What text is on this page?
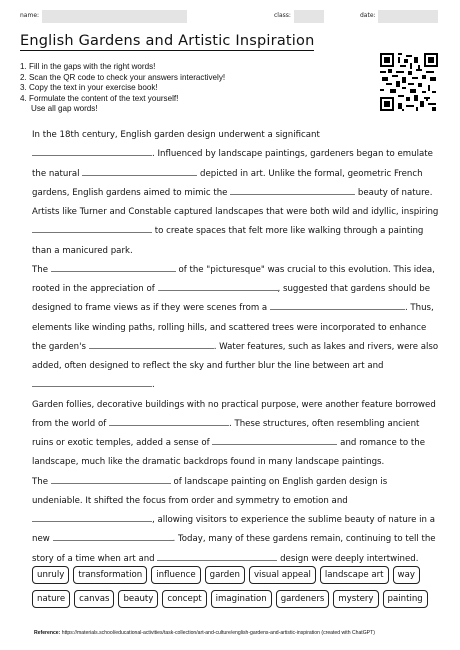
name:	class:	date:
English Gardens and Artistic Inspiration
1. Fill in the gaps with the right words!
2. Scan the QR code to check your answers interactively!
3. Copy the text in your exercise book!
4. Formulate the content of the text yourself!
Use all gap words!
In the 18th century, English garden design underwent a significant
. Influenced by landscape paintings, gardeners began to emulate
the natural	depicted in art. Unlike the formal, geometric French
gardens, English gardens aimed to mimic the	beauty of nature.
Artists like Turner and Constable captured landscapes that were both wild and idyllic, inspiring
to create spaces that felt more like walking through a painting
than a manicured park.
The	of the "picturesque" was crucial to this evolution. This idea,
rooted in the appreciation of	, suggested that gardens should be
designed to frame views as if they were scenes from a	. Thus,
elements like winding paths, rolling hills, and scattered trees were incorporated to enhance
the garden's	. Water features, such as lakes and rivers, were also
added, often designed to reflect the sky and further blur the line between art and
.
Garden follies, decorative buildings with no practical purpose, were another feature borrowed
from the world of	. These structures, often resembling ancient
ruins or exotic temples, added a sense of	and romance to the
landscape, much like the dramatic backdrops found in many landscape paintings.
The	of landscape painting on English garden design is
undeniable. It shifted the focus from order and symmetry to emotion and
, allowing visitors to experience the sublime beauty of nature in a
new	. Today, many of these gardens remain, continuing to tell the
story of a time when art and	design were deeply intertwined.
unruly	transformation	influence	garden	visual appeal	landscape art	way
nature	canvas	beauty	concept	imagination	gardeners	mystery	painting
Reference: https://materials.school/educational-activities/task-collection/art-and-culture/english-gardens-and-artistic-inspiration (created with ChatGPT)
